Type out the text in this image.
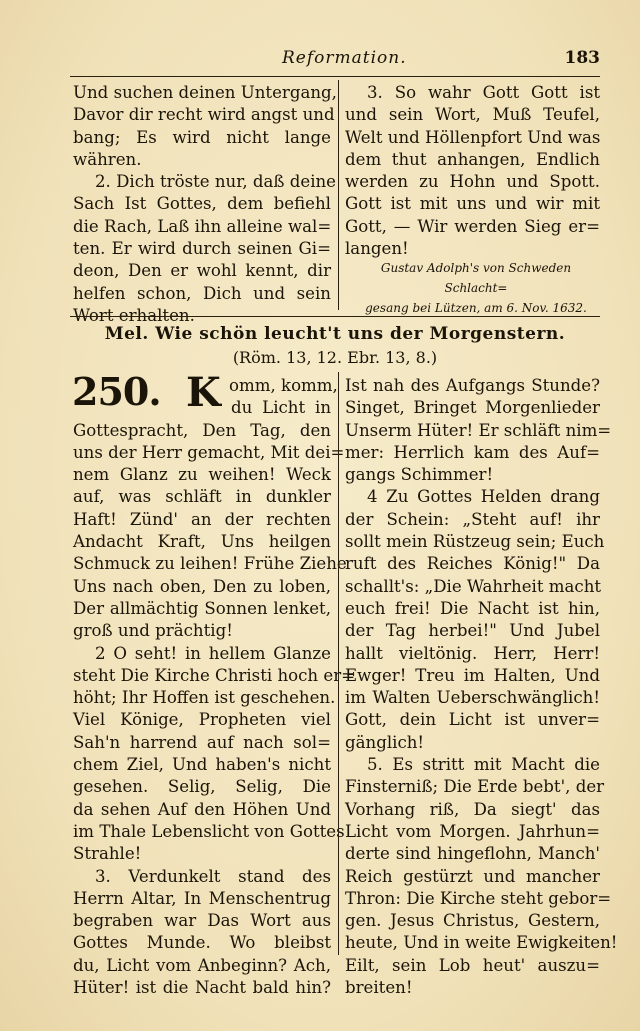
Reformation.	183
Und suchen deinen Untergang,
Davor dir recht wird angst und
bang; Es wird nicht lange
währen.
2. Dich tröste nur, daß deine
Sach Ist Gottes, dem befiehl
die Rach, Laß ihn alleine wal=
ten. Er wird durch seinen Gi=
deon, Den er wohl kennt, dir
helfen schon, Dich und sein
Wort erhalten.
3. So wahr Gott Gott ist
und sein Wort, Muß Teufel,
Welt und Höllenpfort Und was
dem thut anhangen, Endlich
werden zu Hohn und Spott.
Gott ist mit uns und wir mit
Gott, — Wir werden Sieg er=
langen!
Gustav Adolph's von Schweden Schlacht=
gesang bei Lützen, am 6. Nov. 1632.
Mel. Wie schön leucht't uns der Morgenstern.
(Röm. 13, 12. Ebr. 13, 8.)
250. K omm, komm,
du Licht in
Gottespracht, Den Tag, den
uns der Herr gemacht, Mit dei=
nem Glanz zu weihen! Weck
auf, was schläft in dunkler
Haft! Zünd' an der rechten
Andacht Kraft, Uns heilgen
Schmuck zu leihen! Frühe Ziehe
Uns nach oben, Den zu loben,
Der allmächtig Sonnen lenket,
groß und prächtig!
2 O seht! in hellem Glanze
steht Die Kirche Christi hoch er=
höht; Ihr Hoffen ist geschehen.
Viel Könige, Propheten viel
Sah'n harrend auf nach sol=
chem Ziel, Und haben's nicht
gesehen. Selig, Selig, Die
da sehen Auf den Höhen Und
im Thale Lebenslicht von Gottes
Strahle!
3. Verdunkelt stand des
Herrn Altar, In Menschentrug
begraben war Das Wort aus
Gottes Munde. Wo bleibst
du, Licht vom Anbeginn? Ach,
Hüter! ist die Nacht bald hin?
Ist nah des Aufgangs Stunde?
Singet, Bringet Morgenlieder
Unserm Hüter! Er schläft nim=
mer: Herrlich kam des Auf=
gangs Schimmer!
4 Zu Gottes Helden drang
der Schein: „Steht auf! ihr
sollt mein Rüstzeug sein; Euch
ruft des Reiches König!" Da
schallt's: „Die Wahrheit macht
euch frei! Die Nacht ist hin,
der Tag herbei!" Und Jubel
hallt vieltönig. Herr, Herr!
Ewger! Treu im Halten, Und
im Walten Ueberschwänglich!
Gott, dein Licht ist unver=
gänglich!
5. Es stritt mit Macht die
Finsterniß; Die Erde bebt', der
Vorhang riß, Da siegt' das
Licht vom Morgen. Jahrhun=
derte sind hingeflohn, Manch'
Reich gestürzt und mancher
Thron: Die Kirche steht gebor=
gen. Jesus Christus, Gestern,
heute, Und in weite Ewigkeiten!
Eilt, sein Lob heut' auszu=
breiten!
